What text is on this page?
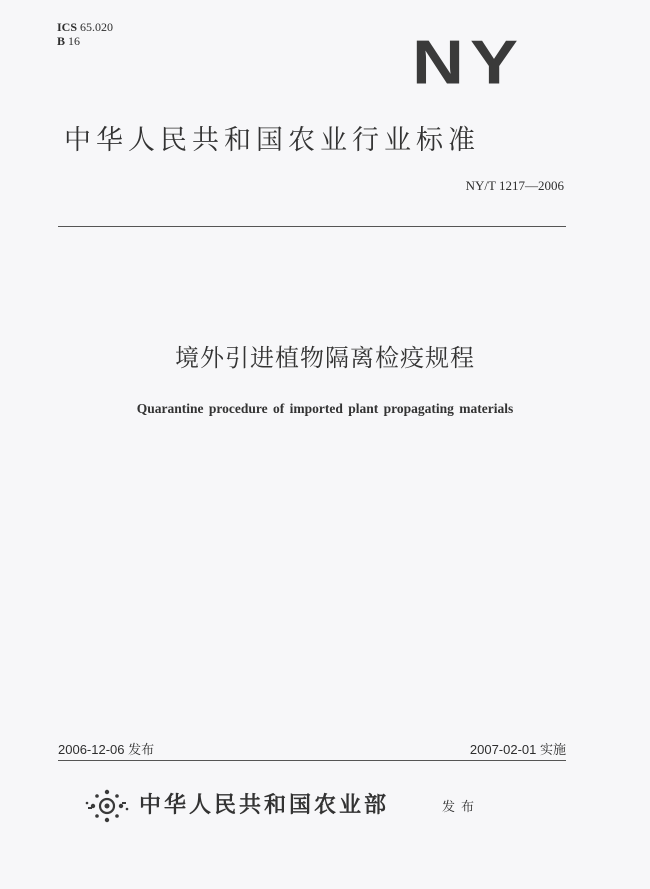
ICS 65.020
B 16	NY
中华人民共和国农业行业标准
NY/T 1217—2006
境外引进植物隔离检疫规程
Quarantine procedure of imported plant propagating materials
2006-12-06 发布	2007-02-01 实施
中华人民共和国农业部	发布
